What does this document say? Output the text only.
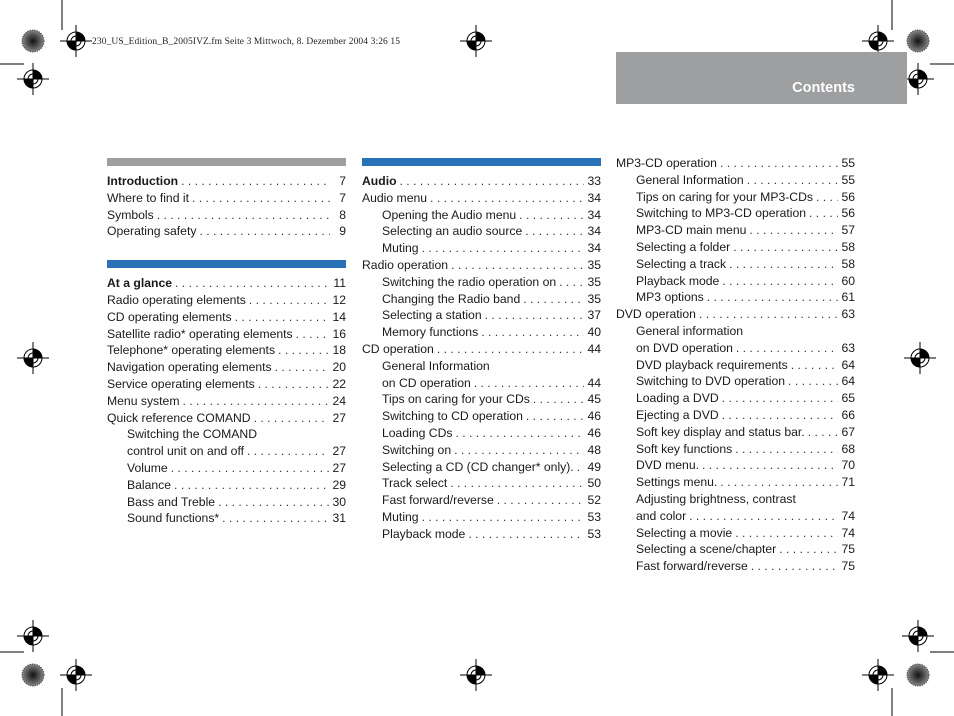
230_US_Edition_B_2005IVZ.fm Seite 3 Mittwoch, 8. Dezember 2004 3:26 15
Contents
Introduction . . .	7
Where to find it . . .	7
Symbols . . .	8
Operating safety . . .	9
At a glance . . .	11
Radio operating elements . . .	12
CD operating elements . . .	14
Satellite radio* operating elements . . .	16
Telephone* operating elements . . .	18
Navigation operating elements . . .	20
Service operating elements . . .	22
Menu system . . .	24
Quick reference COMAND . . .	27
Switching the COMAND
control unit on and off . . .	27
Volume . . .	27
Balance . . .	29
Bass and Treble . . .	30
Sound functions* . . .	31
Audio . . .	33
Audio menu . . .	34
Opening the Audio menu . . .	34
Selecting an audio source . . .	34
Muting . . .	34
Radio operation . . .	35
Switching the radio operation on . . .	35
Changing the Radio band . . .	35
Selecting a station . . .	37
Memory functions . . .	40
CD operation . . .	44
General Information
on CD operation . . .	44
Tips on caring for your CDs . . .	45
Switching to CD operation . . .	46
Loading CDs . . .	46
Switching on . . .	48
Selecting a CD (CD changer* only). . . . 49
Track select . . .	50
Fast forward/reverse . . .	52
Muting . . .	53
Playback mode . . .	53
MP3-CD operation . . .	55
General Information . . .	55
Tips on caring for your MP3-CDs . . . 56
Switching to MP3-CD operation . . .	56
MP3-CD main menu . . .	57
Selecting a folder . . .	58
Selecting a track . . .	58
Playback mode . . .	60
MP3 options . . .	61
DVD operation . . .	63
General information
on DVD operation . . .	63
DVD playback requirements . . .	64
Switching to DVD operation . . .	64
Loading a DVD . . .	65
Ejecting a DVD . . .	66
Soft key display and status bar. . . .	67
Soft key functions . . .	68
DVD menu. . . .	70
Settings menu. . . .	71
Adjusting brightness, contrast
and color . . .	74
Selecting a movie . . .	74
Selecting a scene/chapter . . .	75
Fast forward/reverse . . .	75
